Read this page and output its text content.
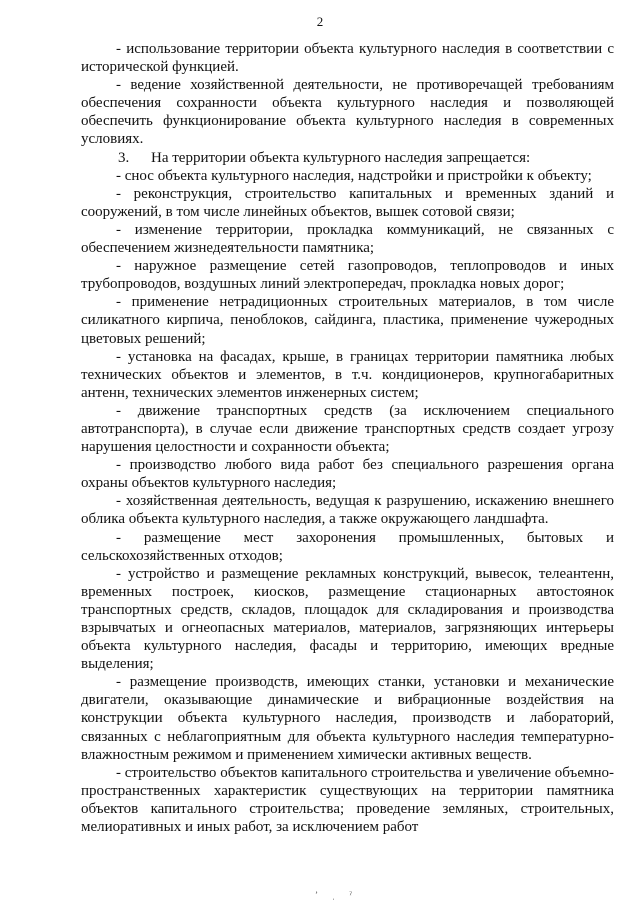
2

- использование территории объекта культурного наследия в соответствии с исторической функцией.

- ведение хозяйственной деятельности, не противоречащей требованиям обеспечения сохранности объекта культурного наследия и позволяющей обеспечить функционирование объекта культурного наследия в современных условиях.

3. На территории объекта культурного наследия запрещается:

- снос объекта культурного наследия, надстройки и пристройки к объекту;

- реконструкция, строительство капитальных и временных зданий и сооружений, в том числе линейных объектов, вышек сотовой связи;

- изменение территории, прокладка коммуникаций, не связанных с обеспечением жизнедеятельности памятника;

- наружное размещение сетей газопроводов, теплопроводов и иных трубопроводов, воздушных линий электропередач, прокладка новых дорог;

- применение нетрадиционных строительных материалов, в том числе силикатного кирпича, пеноблоков, сайдинга, пластика, применение чужеродных цветовых решений;

- установка на фасадах, крыше, в границах территории памятника любых технических объектов и элементов, в т.ч. кондиционеров, крупногабаритных антенн, технических элементов инженерных систем;

- движение транспортных средств (за исключением специального автотранспорта), в случае если движение транспортных средств создает угрозу нарушения целостности и сохранности объекта;

- производство любого вида работ без специального разрешения органа охраны объектов культурного наследия;

- хозяйственная деятельность, ведущая к разрушению, искажению внешнего облика объекта культурного наследия, а также окружающего ландшафта.

- размещение мест захоронения промышленных, бытовых и сельскохозяйственных отходов;

- устройство и размещение рекламных конструкций, вывесок, телеантенн, временных построек, киосков, размещение стационарных автостоянок транспортных средств, складов, площадок для складирования и производства взрывчатых и огнеопасных материалов, материалов, загрязняющих интерьеры объекта культурного наследия, фасады и территорию, имеющих вредные выделения;

- размещение производств, имеющих станки, установки и механические двигатели, оказывающие динамические и вибрационные воздействия на конструкции объекта культурного наследия, производств и лабораторий, связанных с неблагоприятным для объекта культурного наследия температурно-влажностным режимом и применением химически активных веществ.

- строительство объектов капитального строительства и увеличение объемно-пространственных характеристик существующих на территории памятника объектов капитального строительства; проведение земляных, строительных, мелиоративных и иных работ, за исключением работ

ʼ ˌ ˀ
